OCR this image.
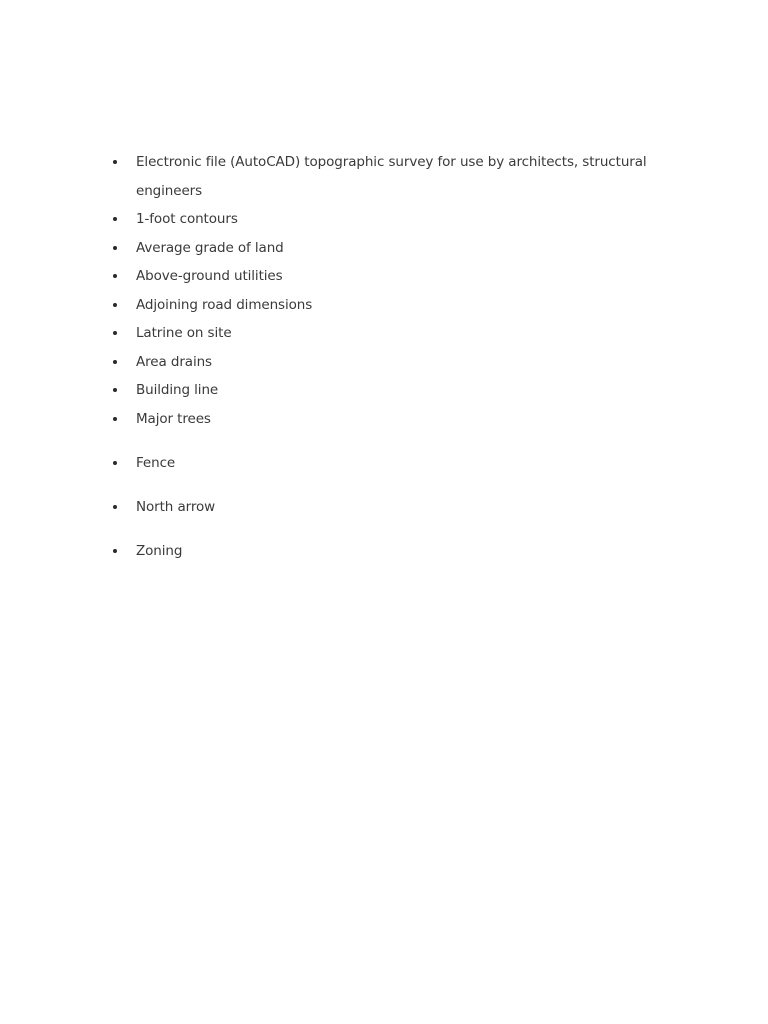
Electronic file (AutoCAD) topographic survey for use by architects, structural engineers
1-foot contours
Average grade of land
Above-ground utilities
Adjoining road dimensions
Latrine on site
Area drains
Building line
Major trees
Fence
North arrow
Zoning
